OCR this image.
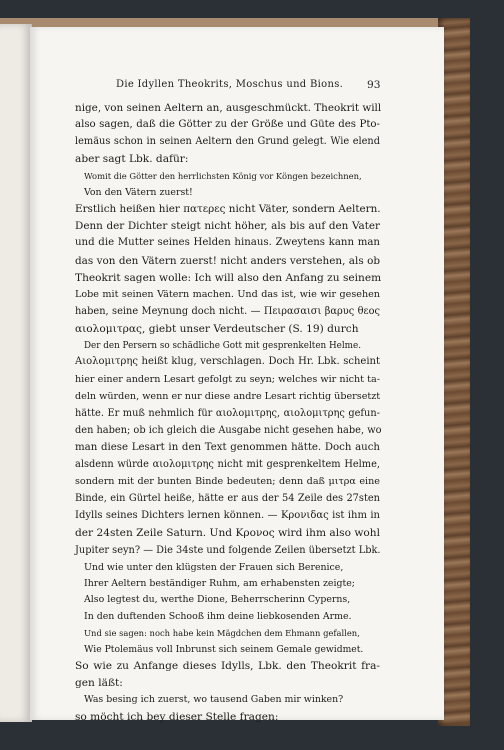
Die Idyllen Theokrits, Moschus und Bions. 93

nige, von seinen Aeltern an, ausgeschmückt. Theokrit will

also sagen, daß die Götter zu der Größe und Güte des Pto-

lemäus schon in seinen Aeltern den Grund gelegt. Wie elend

aber sagt Lbk. dafür:

Womit die Götter den herrlichsten König vor Köngen bezeichnen,

Von den Vätern zuerst!

Erstlich heißen hier πατερες nicht Väter, sondern Aeltern.

Denn der Dichter steigt nicht höher, als bis auf den Vater

und die Mutter seines Helden hinaus. Zweytens kann man

das von den Vätern zuerst! nicht anders verstehen, als ob

Theokrit sagen wolle: Ich will also den Anfang zu seinem

Lobe mit seinen Vätern machen. Und das ist, wie wir gesehen

haben, seine Meynung doch nicht. — Πειρασαισι βαρυς θεος

αιολομιτρας, giebt unser Verdeutscher (S. 19) durch

Der den Persern so schädliche Gott mit gesprenkelten Helme.

Αιολομιτρης heißt klug, verschlagen. Doch Hr. Lbk. scheint

hier einer andern Lesart gefolgt zu seyn; welches wir nicht ta-

deln würden, wenn er nur diese andre Lesart richtig übersetzt

hätte. Er muß nehmlich für αιολομιτρης, αιολομιτρης gefun-

den haben; ob ich gleich die Ausgabe nicht gesehen habe, wo

man diese Lesart in den Text genommen hätte. Doch auch

alsdenn würde αιολομιτρης nicht mit gesprenkeltem Helme,

sondern mit der bunten Binde bedeuten; denn daß μιτρα eine

Binde, ein Gürtel heiße, hätte er aus der 54 Zeile des 27sten

Idylls seines Dichters lernen können. — Κρονιδας ist ihm in

der 24sten Zeile Saturn. Und Κρονος wird ihm also wohl

Jupiter seyn? — Die 34ste und folgende Zeilen übersetzt Lbk.

Und wie unter den klügsten der Frauen sich Berenice,

Ihrer Aeltern beständiger Ruhm, am erhabensten zeigte;

Also legtest du, werthe Dione, Beherrscherinn Cyperns,

In den duftenden Schooß ihm deine liebkosenden Arme.

Und sie sagen: noch habe kein Mägdchen dem Ehmann gefallen,

Wie Ptolemäus voll Inbrunst sich seinem Gemale gewidmet.

So wie zu Anfange dieses Idylls, Lbk. den Theokrit fra-

gen läßt:

Was besing ich zuerst, wo tausend Gaben mir winken?

so möcht ich bey dieser Stelle fragen:
